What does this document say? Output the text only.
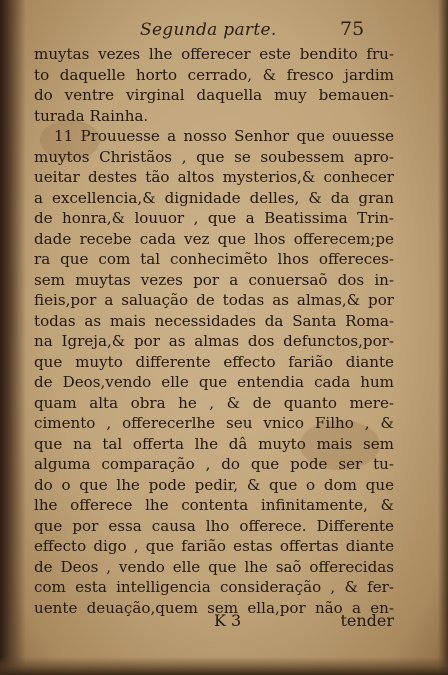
Segunda parte.	75
muytas vezes lhe offerecer este bendito fru-
to daquelle horto cerrado, & fresco jardim
do ventre virginal daquella muy bemauen-
turada Rainha.
11 Prouuesse a nosso Senhor que ouuesse
muytos Christãos , que se soubessem apro-
ueitar destes tão altos mysterios,& conhecer
a excellencia,& dignidade delles, & da gran
de honra,& louuor , que a Beatissima Trin-
dade recebe cada vez que lhos offerecem;pe
ra que com tal conhecimẽto lhos offereces-
sem muytas vezes por a conuersaõ dos in-
fieis,por a saluação de todas as almas,& por
todas as mais necessidades da Santa Roma-
na Igreja,& por as almas dos defunctos,por-
que muyto differente effecto farião diante
de Deos,vendo elle que entendia cada hum
quam alta obra he , & de quanto mere-
cimento , offerecerlhe seu vnico Filho , &
que na tal offerta lhe dâ muyto mais sem
alguma comparação , do que pode ser tu-
do o que lhe pode pedir, & que o dom que
lhe offerece lhe contenta infinitamente, &
que por essa causa lho offerece. Differente
effecto digo , que farião estas offertas diante
de Deos , vendo elle que lhe saõ offerecidas
com esta intelligencia consideração , & fer-
uente deuação,quem sem ella,por não a en-
K 3	tender
